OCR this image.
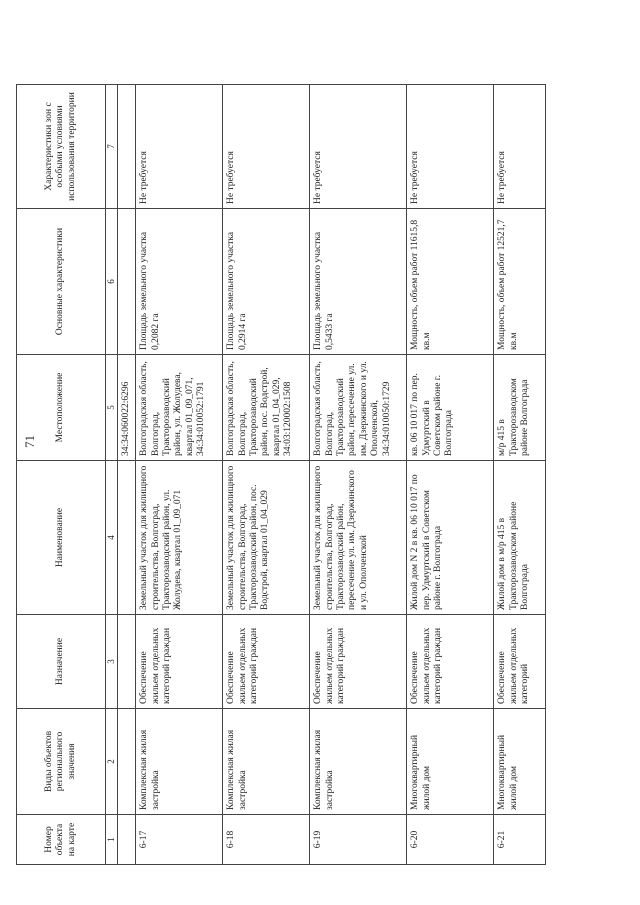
71
Номер объекта на карте	Виды объектов регионального значения	Назначение	Наименование	Местоположение	Основные характеристики	Характеристики зон с особыми условиями использования территории
1	2	3	4	5	6	7
				34:34:060022:6296		
6-17	Комплексная жилая застройка	Обеспечение жильем отдельных категорий граждан	Земельный участок для жилищного строительства, Волгоград, Тракторозаводский район, ул. Жолудева, квартал 01_09_071	Волгоградская область, Волгоград, Тракторозаводский район, ул. Жолудева, квартал 01_09_071, 34:34:010052:1791	Площадь земельного участка 0,2082 га	Не требуется
6-18	Комплексная жилая застройка	Обеспечение жильем отдельных категорий граждан	Земельный участок для жилищного строительства, Волгоград, Тракторозаводский район, пос. Водстрой, квартал 01_04_029	Волгоградская область, Волгоград, Тракторозаводский район, пос. Водстрой, квартал 01_04_029, 34:03:120002:1508	Площадь земельного участка 0,2914 га	Не требуется
6-19	Комплексная жилая застройка	Обеспечение жильем отдельных категорий граждан	Земельный участок для жилищного строительства, Волгоград, Тракторозаводский район, пересечение ул. им. Дзержинского и ул. Ополченской	Волгоградская область, Волгоград, Тракторозаводский район, пересечение ул. им. Дзержинского и ул. Ополченской, 34:34:010050:1729	Площадь земельного участка 0,5433 га	Не требуется
6-20	Многоквартирный жилой дом	Обеспечение жильем отдельных категорий граждан	Жилой дом N 2 в кв. 06 10 017 по пер. Удмуртский в Советском районе г. Волгограда	кв. 06 10 017 по пер. Удмуртский в Советском районе г. Волгограда	Мощность, объем работ 11615,8 кв.м	Не требуется
6-21	Многоквартирный жилой дом	Обеспечение жильем отдельных категорий	Жилой дом в м/р 415 в Тракторозаводском районе Волгограда	м/р 415 в Тракторозаводском районе Волгограда	Мощность, объем работ 12521,7 кв.м	Не требуется
